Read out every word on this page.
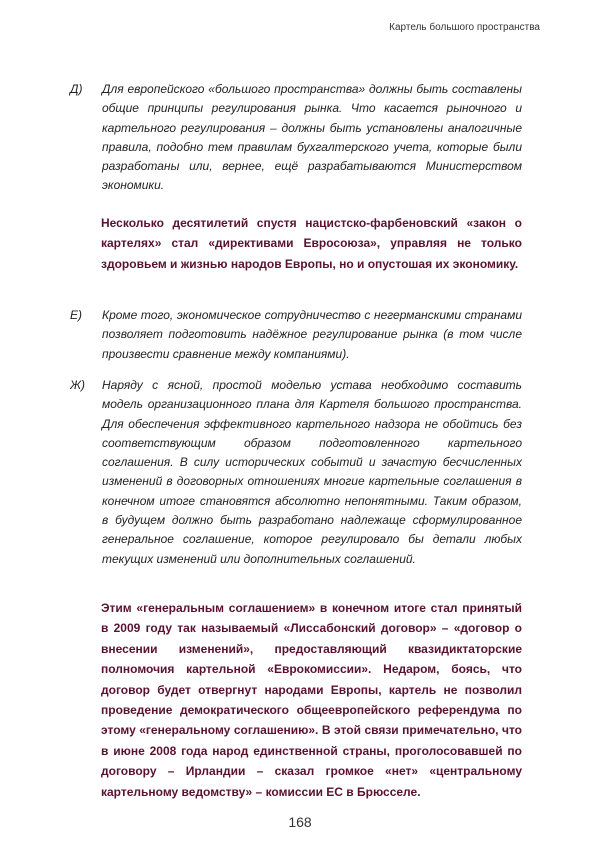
Картель большого пространства
Д)	Для европейского «большого пространства» должны быть составлены общие принципы регулирования рынка. Что касается рыночного и картельного регулирования – должны быть установлены аналогичные правила, подобно тем правилам бухгалтерского учета, которые были разработаны или, вернее, ещё разрабатываются Министерством экономики.
Несколько десятилетий спустя нацистско-фарбеновский «закон о картелях» стал «директивами Евросоюза», управляя не только здоровьем и жизнью народов Европы, но и опустошая их экономику.
Е)	Кроме того, экономическое сотрудничество с негерманскими странами позволяет подготовить надёжное регулирование рынка (в том числе произвести сравнение между компаниями).
Ж)	Наряду с ясной, простой моделью устава необходимо составить модель организационного плана для Картеля большого пространства. Для обеспечения эффективного картельного надзора не обойтись без соответствующим образом подготовленного картельного соглашения. В силу исторических событий и зачастую бесчисленных изменений в договорных отношениях многие картельные соглашения в конечном итоге становятся абсолютно непонятными. Таким образом, в будущем должно быть разработано надлежаще сформулированное генеральное соглашение, которое регулировало бы детали любых текущих изменений или дополнительных соглашений.
Этим «генеральным соглашением» в конечном итоге стал принятый в 2009 году так называемый «Лиссабонский договор» – «договор о внесении изменений», предоставляющий квазидиктаторские полномочия картельной «Еврокомиссии». Недаром, боясь, что договор будет отвергнут народами Европы, картель не позволил проведение демократического общеевропейского референдума по этому «генеральному соглашению». В этой связи примечательно, что в июне 2008 года народ единственной страны, проголосовавшей по договору – Ирландии – сказал громкое «нет» «центральному картельному ведомству» – комиссии ЕС в Брюсселе.
168
